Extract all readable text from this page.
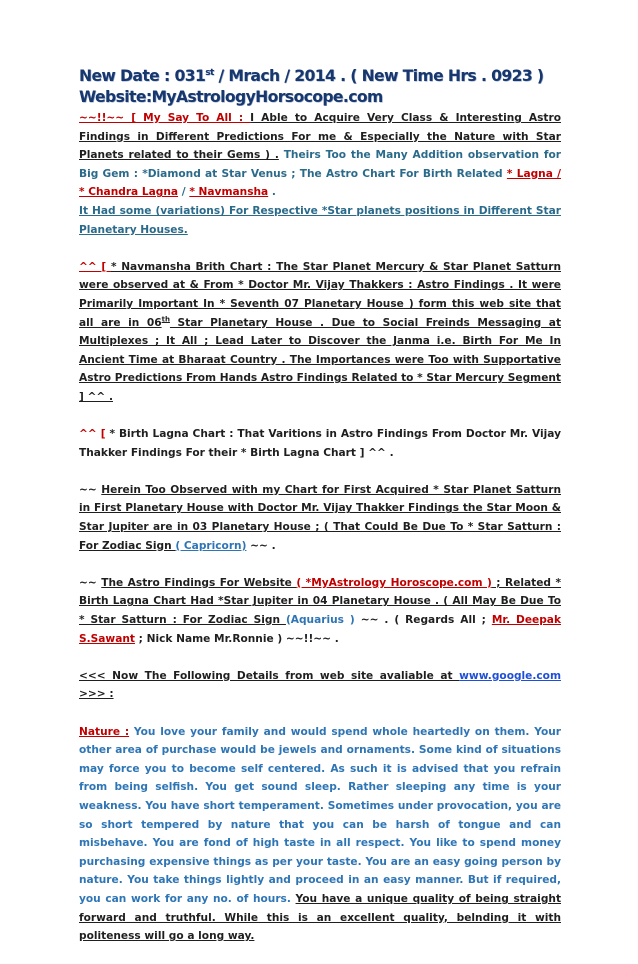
New Date : 031st / Mrach / 2014 . ( New Time Hrs . 0923 )
Website:MyAstrologyHorsocope.com

~~!!~~ [ My Say To All : I Able to Acquire Very Class & Interesting Astro Findings in Different Predictions For me & Especially the Nature with Star Planets related to their Gems ) . Theirs Too the Many Addition observation for Big Gem : *Diamond at Star Venus ; The Astro Chart For Birth Related * Lagna / * Chandra Lagna / * Navmansha .
It Had some (variations) For Respective *Star planets positions in Different Star Planetary Houses.

^^ [ * Navmansha Brith Chart : The Star Planet Mercury & Star Planet Satturn were observed at & From * Doctor Mr. Vijay Thakkers : Astro Findings . It were Primarily Important In * Seventh 07 Planetary House ) form this web site that all are in 06th Star Planetary House . Due to Social Freinds Messaging at Multiplexes ; It All ; Lead Later to Discover the Janma i.e. Birth For Me In Ancient Time at Bharaat Country . The Importances were Too with Supportative Astro Predictions From Hands Astro Findings Related to * Star Mercury Segment ] ^^ .

^^ [ * Birth Lagna Chart : That Varitions in Astro Findings From Doctor Mr. Vijay Thakker Findings For their * Birth Lagna Chart ] ^^ .

~~ Herein Too Observed with my Chart for First Acquired * Star Planet Satturn in First Planetary House with Doctor Mr. Vijay Thakker Findings the Star Moon & Star Jupiter are in 03 Planetary House ; ( That Could Be Due To * Star Satturn : For Zodiac Sign ( Capricorn) ~~ .

~~ The Astro Findings For Website ( *MyAstrology Horoscope.com ) ; Related * Birth Lagna Chart Had *Star Jupiter in 04 Planetary House . ( All May Be Due To * Star Satturn : For Zodiac Sign (Aquarius ) ~~ . ( Regards All ; Mr. Deepak S.Sawant ; Nick Name Mr.Ronnie ) ~~!!~~ .

<<< Now The Following Details from web site avaliable at www.google.com >>> :

Nature : You love your family and would spend whole heartedly on them. Your other area of purchase would be jewels and ornaments. Some kind of situations may force you to become self centered. As such it is advised that you refrain from being selfish. You get sound sleep. Rather sleeping any time is your weakness. You have short temperament. Sometimes under provocation, you are so short tempered by nature that you can be harsh of tongue and can misbehave. You are fond of high taste in all respect. You like to spend money purchasing expensive things as per your taste. You are an easy going person by nature. You take things lightly and proceed in an easy manner. But if required, you can work for any no. of hours. You have a unique quality of being straight forward and truthful. While this is an excellent quality, belnding it with politeness will go a long way.
